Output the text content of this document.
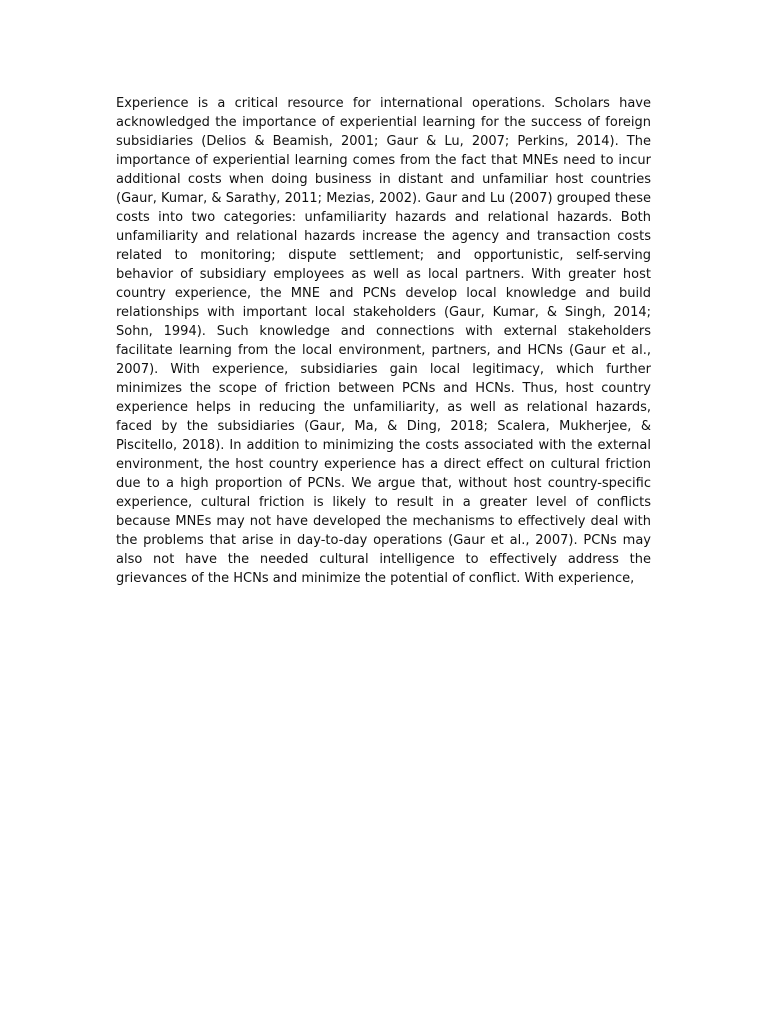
Experience is a critical resource for international operations. Scholars have acknowledged the importance of experiential learning for the success of foreign subsidiaries (Delios & Beamish, 2001; Gaur & Lu, 2007; Perkins, 2014). The importance of experiential learning comes from the fact that MNEs need to incur additional costs when doing business in distant and unfamiliar host countries (Gaur, Kumar, & Sarathy, 2011; Mezias, 2002). Gaur and Lu (2007) grouped these costs into two categories: unfamiliarity hazards and relational hazards. Both unfamiliarity and relational hazards increase the agency and transaction costs related to monitoring; dispute settlement; and opportunistic, self-serving behavior of subsidiary employees as well as local partners. With greater host country experience, the MNE and PCNs develop local knowledge and build relationships with important local stakeholders (Gaur, Kumar, & Singh, 2014; Sohn, 1994). Such knowledge and connections with external stakeholders facilitate learning from the local environment, partners, and HCNs (Gaur et al., 2007). With experience, subsidiaries gain local legitimacy, which further minimizes the scope of friction between PCNs and HCNs. Thus, host country experience helps in reducing the unfamiliarity, as well as relational hazards, faced by the subsidiaries (Gaur, Ma, & Ding, 2018; Scalera, Mukherjee, & Piscitello, 2018). In addition to minimizing the costs associated with the external environment, the host country experience has a direct effect on cultural friction due to a high proportion of PCNs. We argue that, without host country-specific experience, cultural friction is likely to result in a greater level of conflicts because MNEs may not have developed the mechanisms to effectively deal with the problems that arise in day-to-day operations (Gaur et al., 2007). PCNs may also not have the needed cultural intelligence to effectively address the grievances of the HCNs and minimize the potential of conflict. With experience,
